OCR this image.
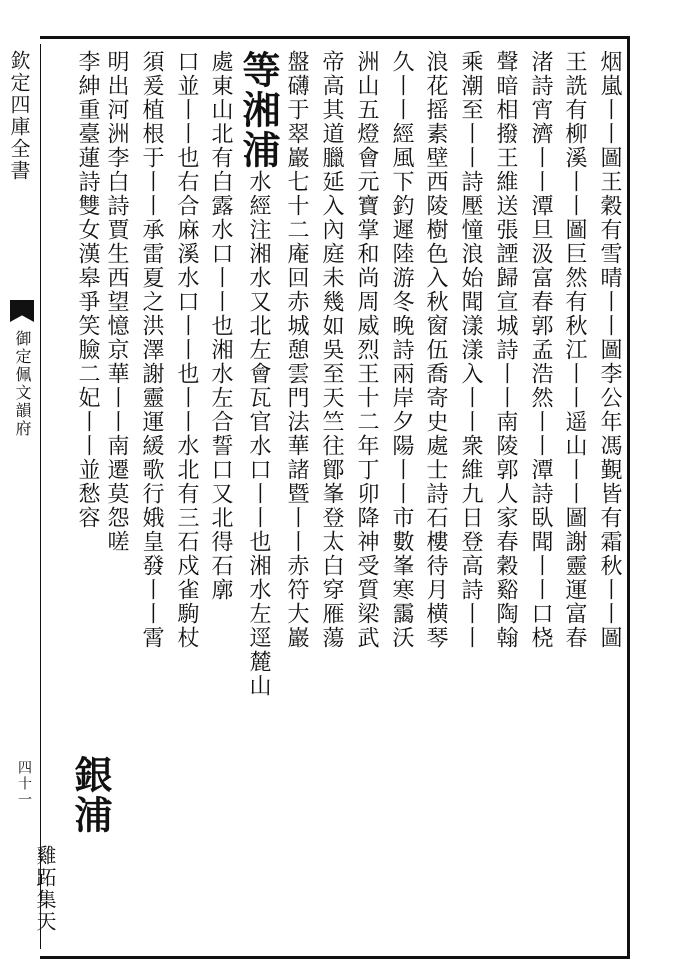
欽定四庫全書
御定佩文韻府
四十一
烟嵐丨丨圖王穀有雪晴丨丨圖李公年馮覲皆有霜秋丨丨圖
王詵有柳溪丨丨圖巨然有秋江丨丨遥山丨丨圖謝靈運富春
渚詩宵濟丨丨潭旦汲富春郭孟浩然丨丨潭詩臥聞丨丨口桡
聲暗相撥王維送張諲歸宣城詩丨丨南陵郭人家春穀谿陶翰
乘潮至丨丨詩壓憧浪始聞漾漾入丨丨衆維九日登高詩丨丨
浪花摇素壁西陵樹色入秋窗伍喬寄史處士詩石樓待月横琴
久丨丨經風下釣遲陸游冬晚詩兩岸夕陽丨丨市數峯寒靄沃
洲山五燈會元寶掌和尚周威烈王十二年丁卯降神受質梁武
帝高其道臘延入內庭未幾如吳至天竺往鄮峯登太白穿雁蕩
盤礴于翠巖七十二庵回赤城憩雲門法華諸暨丨丨赤符大巖
等湘浦水經注湘水又北左會瓦官水口丨丨也湘水左逕麓山
處東山北有白露水口丨丨也湘水左合誓口又北得石廓
口並丨丨也右合麻溪水口丨丨也丨丨水北有三石戍雀駒杖
須爰植根于丨丨承雷夏之洪澤謝靈運緩歌行娥皇發丨丨霄
明出河洲李白詩賈生西望憶京華丨丨南遷莫怨嗟
李紳重臺蓮詩雙女漢皋爭笑臉二妃丨丨並愁容
銀浦
雞跖集天
